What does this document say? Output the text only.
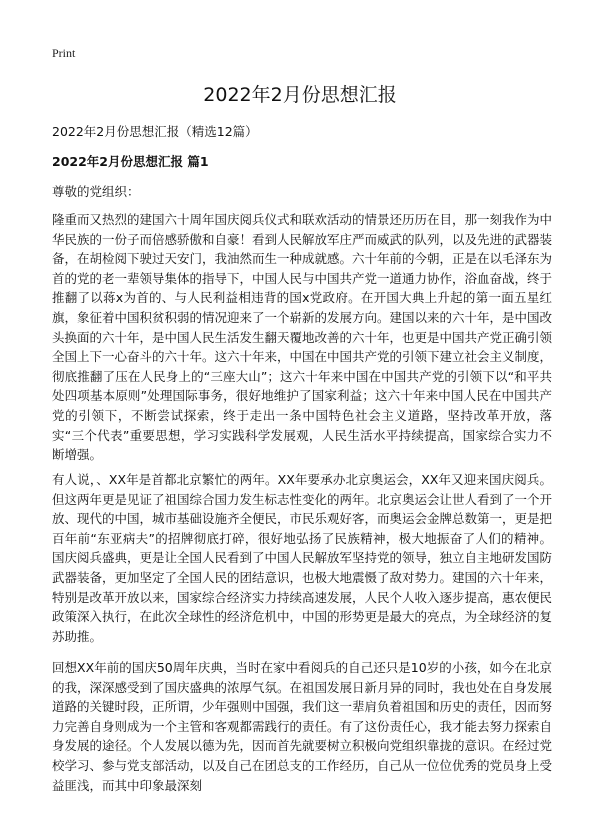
Print
2022年2月份思想汇报
2022年2月份思想汇报（精选12篇）
2022年2月份思想汇报 篇1
尊敬的党组织：

隆重而又热烈的建国六十周年国庆阅兵仪式和联欢活动的情景还历历在目，那一刻我作为中华民族的一份子而倍感骄傲和自豪！看到人民解放军庄严而威武的队列，以及先进的武器装备，在胡检阅下驶过天安门，我油然而生一种成就感。六十年前的今朝，正是在以毛泽东为首的党的老一辈领导集体的指导下，中国人民与中国共产党一道通力协作，浴血奋战，终于推翻了以蒋x为首的、与人民利益相违背的国x党政府。在开国大典上升起的第一面五星红旗，象征着中国积贫积弱的情况迎来了一个崭新的发展方向。建国以来的六十年，是中国改头换面的六十年，是中国人民生活发生翻天覆地改善的六十年，也更是中国共产党正确引领全国上下一心奋斗的六十年。这六十年来，中国在中国共产党的引领下建立社会主义制度，彻底推翻了压在人民身上的“三座大山”；这六十年来中国在中国共产党的引领下以“和平共处四项基本原则”处理国际事务，很好地维护了国家利益；这六十年来中国人民在中国共产党的引领下，不断尝试探索，终于走出一条中国特色社会主义道路，坚持改革开放，落实“三个代表”重要思想，学习实践科学发展观，人民生活水平持续提高，国家综合实力不断增强。

有人说，、XX年是首都北京繁忙的两年。XX年要承办北京奥运会，XX年又迎来国庆阅兵。但这两年更是见证了祖国综合国力发生标志性变化的两年。北京奥运会让世人看到了一个开放、现代的中国，城市基础设施齐全便民，市民乐观好客，而奥运会金牌总数第一，更是把百年前“东亚病夫”的招牌彻底打碎，很好地弘扬了民族精神，极大地振奋了人们的精神。国庆阅兵盛典，更是让全国人民看到了中国人民解放军坚持党的领导，独立自主地研发国防武器装备，更加坚定了全国人民的团结意识，也极大地震慑了敌对势力。建国的六十年来，特别是改革开放以来，国家综合经济实力持续高速发展，人民个人收入逐步提高，惠农便民政策深入执行，在此次全球性的经济危机中，中国的形势更是最大的亮点，为全球经济的复苏助推。

回想XX年前的国庆50周年庆典，当时在家中看阅兵的自己还只是10岁的小孩，如今在北京的我，深深感受到了国庆盛典的浓厚气氛。在祖国发展日新月异的同时，我也处在自身发展道路的关键时段，正所谓，少年强则中国强，我们这一辈肩负着祖国和历史的责任，因而努力完善自身则成为一个主管和客观都需践行的责任。有了这份责任心，我才能去努力探索自身发展的途径。个人发展以德为先，因而首先就要树立积极向党组织靠拢的意识。在经过党校学习、参与党支部活动，以及自己在团总支的工作经历，自己从一位位优秀的党员身上受益匪浅，而其中印象最深刻
